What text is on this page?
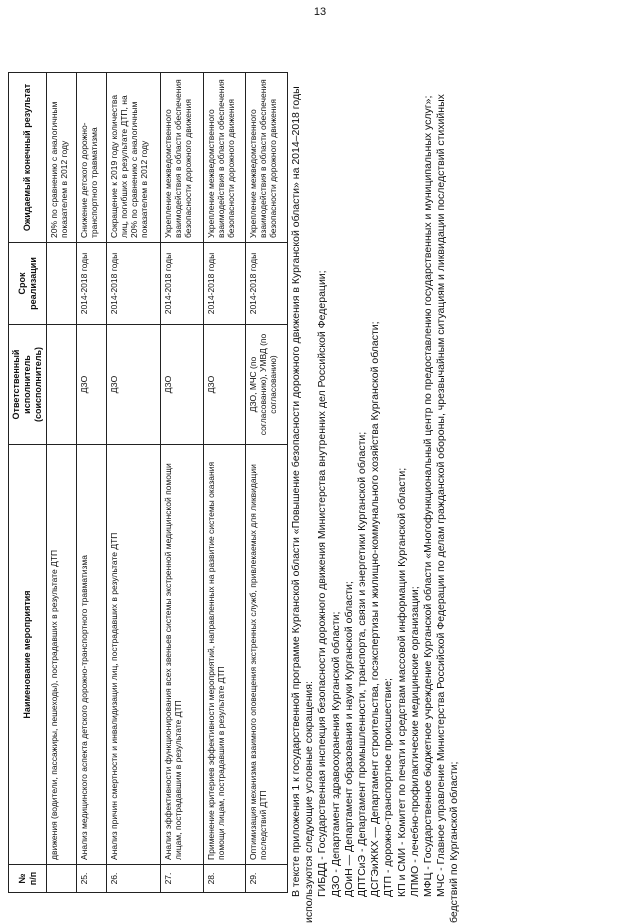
13
№ п/п	Наименование мероприятия	Ответственный исполнитель (соисполнитель)	Срок реализации	Ожидаемый конечный результат
	движения (водители, пассажиры, пешеходы), пострадавших в результате ДТП			20% по сравнению с аналогичным показателем в 2012 году
25.	Анализ медицинского аспекта детского дорожно-транспортного травматизма	ДЗО	2014-2018 годы	Снижение детского дорожно-транспортного травматизма
26.	Анализ причин смертности и инвалидизации лиц, пострадавших в результате ДТП	ДЗО	2014-2018 годы	Сокращение к 2019 году количества лиц, погибших в результате ДТП, на 20% по сравнению с аналогичным показателем в 2012 году
27.	Анализ эффективности функционирования всех звеньев системы экстренной медицинской помощи лицам, пострадавшим в результате ДТП	ДЗО	2014-2018 годы	Укрепление межведомственного взаимодействия в области обеспечения безопасности дорожного движения
28.	Применение критериев эффективности мероприятий, направленных на развитие системы оказания помощи лицам, пострадавшим в результате ДТП	ДЗО	2014-2018 годы	Укрепление межведомственного взаимодействия в области обеспечения безопасности дорожного движения
29.	Оптимизация механизма взаимного оповещения экстренных служб, привлекаемых для ликвидации последствий ДТП	ДЗО, МЧС (по согласованию), УМВД (по согласованию)	2014-2018 годы	Укрепление межведомственного взаимодействия в области обеспечения безопасности дорожного движения В тексте приложения 1 к государственной программе Курганской области «Повышение безопасности дорожного движения в Курганской области» на 2014–2018 годы используются следующие условные сокращения: ГИБДД - Государственная инспекция безопасности дорожного движения Министерства внутренних дел Российской Федерации; ДЗО - Департамент здравоохранения Курганской области; ДОиН — Департамент образования и науки Курганской области; ДПТСиЭ - Департамент промышленности, транспорта, связи и энергетики Курганской области; ДСГЭиЖКХ — Департамент строительства, госэкспертизы и жилищно-коммунального хозяйства Курганской области; ДТП - дорожно-транспортное происшествие; КП и СМИ - Комитет по печати и средствам массовой информации Курганской области; ЛПМО - лечебно-профилактические медицинские организации; МФЦ - Государственное бюджетное учреждение Курганской области «Многофункциональный центр по предоставлению государственных и муниципальных услуг»; МЧС - Главное управление Министерства Российской Федерации по делам гражданской обороны, чрезвычайным ситуациям и ликвидации последствий стихийных бедствий по Курганской области;
